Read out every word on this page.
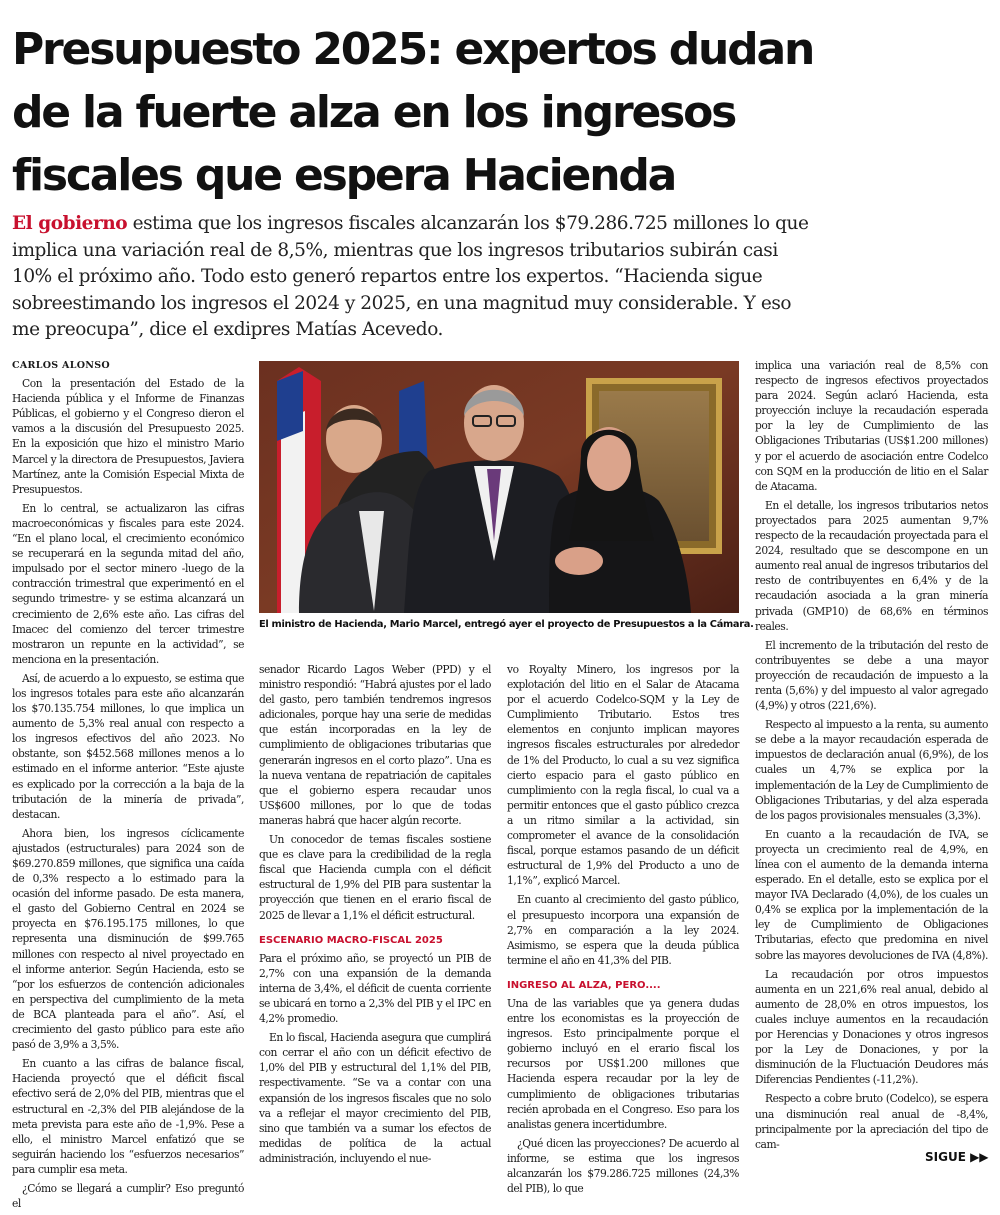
Presupuesto 2025: expertos dudan
de la fuerte alza en los ingresos
fiscales que espera Hacienda
El gobierno estima que los ingresos fiscales alcanzarán los $79.286.725 millones lo que
implica una variación real de 8,5%, mientras que los ingresos tributarios subirán casi
10% el próximo año. Todo esto generó repartos entre los expertos. “Hacienda sigue
sobreestimando los ingresos el 2024 y 2025, en una magnitud muy considerable. Y eso
me preocupa”, dice el exdipres Matías Acevedo.
CARLOS ALONSO

Con la presentación del Estado de la Hacienda pública y el Informe de Finanzas Públicas, el gobierno y el Congreso dieron el vamos a la discusión del Presupuesto 2025. En la exposición que hizo el ministro Mario Marcel y la directora de Presupuestos, Javiera Martínez, ante la Comisión Especial Mixta de Presupuestos.

En lo central, se actualizaron las cifras macroeconómicas y fiscales para este 2024. “En el plano local, el crecimiento económico se recuperará en la segunda mitad del año, impulsado por el sector minero -luego de la contracción trimestral que experimentó en el segundo trimestre- y se estima alcanzará un crecimiento de 2,6% este año. Las cifras del Imacec del comienzo del tercer trimestre mostraron un repunte en la actividad”, se menciona en la presentación.

Así, de acuerdo a lo expuesto, se estima que los ingresos totales para este año alcanzarán los $70.135.754 millones, lo que implica un aumento de 5,3% real anual con respecto a los ingresos efectivos del año 2023. No obstante, son $452.568 millones menos a lo estimado en el informe anterior. “Este ajuste es explicado por la corrección a la baja de la tributación de la minería de privada”, destacan.

Ahora bien, los ingresos cíclicamente ajustados (estructurales) para 2024 son de $69.270.859 millones, que significa una caída de 0,3% respecto a lo estimado para la ocasión del informe pasado. De esta manera, el gasto del Gobierno Central en 2024 se proyecta en $76.195.175 millones, lo que representa una disminución de $99.765 millones con respecto al nivel proyectado en el informe anterior. Según Hacienda, esto se “por los esfuerzos de contención adicionales en perspectiva del cumplimiento de la meta de BCA planteada para el año”. Así, el crecimiento del gasto público para este año pasó de 3,9% a 3,5%.

En cuanto a las cifras de balance fiscal, Hacienda proyectó que el déficit fiscal efectivo será de 2,0% del PIB, mientras que el estructural en -2,3% del PIB alejándose de la meta prevista para este año de -1,9%. Pese a ello, el ministro Marcel enfatizó que se seguirán haciendo los “esfuerzos necesarios” para cumplir esa meta.

¿Cómo se llegará a cumplir? Eso preguntó el

El ministro de Hacienda, Mario Marcel, entregó ayer el proyecto de Presupuestos a la Cámara.

senador Ricardo Lagos Weber (PPD) y el ministro respondió: “Habrá ajustes por el lado del gasto, pero también tendremos ingresos adicionales, porque hay una serie de medidas que están incorporadas en la ley de cumplimiento de obligaciones tributarias que generarán ingresos en el corto plazo”. Una es la nueva ventana de repatriación de capitales que el gobierno espera recaudar unos US$600 millones, por lo que de todas maneras habrá que hacer algún recorte.

Un conocedor de temas fiscales sostiene que es clave para la credibilidad de la regla fiscal que Hacienda cumpla con el déficit estructural de 1,9% del PIB para sustentar la proyección que tienen en el erario fiscal de 2025 de llevar a 1,1% el déficit estructural.

ESCENARIO MACRO-FISCAL 2025

Para el próximo año, se proyectó un PIB de 2,7% con una expansión de la demanda interna de 3,4%, el déficit de cuenta corriente se ubicará en torno a 2,3% del PIB y el IPC en 4,2% promedio.

En lo fiscal, Hacienda asegura que cumplirá con cerrar el año con un déficit efectivo de 1,0% del PIB y estructural del 1,1% del PIB, respectivamente. “Se va a contar con una expansión de los ingresos fiscales que no solo va a reflejar el mayor crecimiento del PIB, sino que también va a sumar los efectos de medidas de política de la actual administración, incluyendo el nue-

vo Royalty Minero, los ingresos por la explotación del litio en el Salar de Atacama por el acuerdo Codelco-SQM y la Ley de Cumplimiento Tributario. Estos tres elementos en conjunto implican mayores ingresos fiscales estructurales por alrededor de 1% del Producto, lo cual a su vez significa cierto espacio para el gasto público en cumplimiento con la regla fiscal, lo cual va a permitir entonces que el gasto público crezca a un ritmo similar a la actividad, sin comprometer el avance de la consolidación fiscal, porque estamos pasando de un déficit estructural de 1,9% del Producto a uno de 1,1%”, explicó Marcel.

En cuanto al crecimiento del gasto público, el presupuesto incorpora una expansión de 2,7% en comparación a la ley 2024. Asimismo, se espera que la deuda pública termine el año en 41,3% del PIB.

INGRESO AL ALZA, PERO....

Una de las variables que ya genera dudas entre los economistas es la proyección de ingresos. Esto principalmente porque el gobierno incluyó en el erario fiscal los recursos por US$1.200 millones que Hacienda espera recaudar por la ley de cumplimiento de obligaciones tributarias recién aprobada en el Congreso. Eso para los analistas genera incertidumbre.

¿Qué dicen las proyecciones? De acuerdo al informe, se estima que los ingresos alcanzarán los $79.286.725 millones (24,3% del PIB), lo que

implica una variación real de 8,5% con respecto de ingresos efectivos proyectados para 2024. Según aclaró Hacienda, esta proyección incluye la recaudación esperada por la ley de Cumplimiento de las Obligaciones Tributarias (US$1.200 millones) y por el acuerdo de asociación entre Codelco con SQM en la producción de litio en el Salar de Atacama.

En el detalle, los ingresos tributarios netos proyectados para 2025 aumentan 9,7% respecto de la recaudación proyectada para el 2024, resultado que se descompone en un aumento real anual de ingresos tributarios del resto de contribuyentes en 6,4% y de la recaudación asociada a la gran minería privada (GMP10) de 68,6% en términos reales.

El incremento de la tributación del resto de contribuyentes se debe a una mayor proyección de recaudación de impuesto a la renta (5,6%) y del impuesto al valor agregado (4,9%) y otros (221,6%).

Respecto al impuesto a la renta, su aumento se debe a la mayor recaudación esperada de impuestos de declaración anual (6,9%), de los cuales un 4,7% se explica por la implementación de la Ley de Cumplimiento de Obligaciones Tributarias, y del alza esperada de los pagos provisionales mensuales (3,3%).

En cuanto a la recaudación de IVA, se proyecta un crecimiento real de 4,9%, en línea con el aumento de la demanda interna esperado. En el detalle, esto se explica por el mayor IVA Declarado (4,0%), de los cuales un 0,4% se explica por la implementación de la ley de Cumplimiento de Obligaciones Tributarias, efecto que predomina en nivel sobre las mayores devoluciones de IVA (4,8%).

La recaudación por otros impuestos aumenta en un 221,6% real anual, debido al aumento de 28,0% en otros impuestos, los cuales incluye aumentos en la recaudación por Herencias y Donaciones y otros ingresos por la Ley de Donaciones, y por la disminución de la Fluctuación Deudores más Diferencias Pendientes (-11,2%).

Respecto a cobre bruto (Codelco), se espera una disminución real anual de -8,4%, principalmente por la apreciación del tipo de cam-

SIGUE ▶▶
